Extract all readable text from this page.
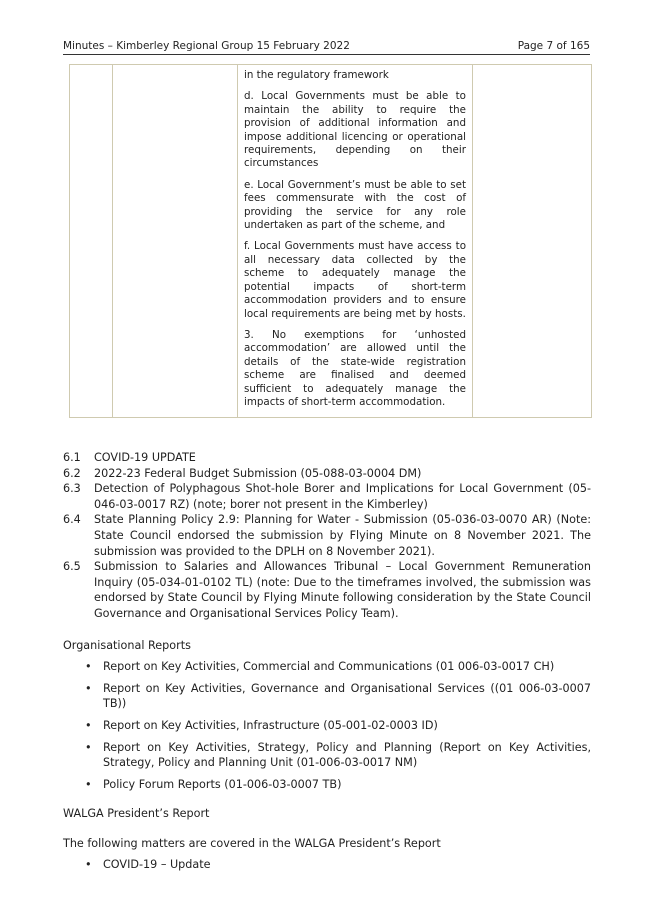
Minutes – Kimberley Regional Group 15 February 2022	Page 7 of 165

in the regulatory framework
d. Local Governments must be able to maintain the ability to require the provision of additional information and impose additional licencing or operational requirements, depending on their circumstances
e. Local Government’s must be able to set fees commensurate with the cost of providing the service for any role undertaken as part of the scheme, and
f. Local Governments must have access to all necessary data collected by the scheme to adequately manage the potential impacts of short-term accommodation providers and to ensure local requirements are being met by hosts.
3. No exemptions for ‘unhosted accommodation’ are allowed until the details of the state-wide registration scheme are finalised and deemed sufficient to adequately manage the impacts of short-term accommodation.

6.1	COVID-19 UPDATE
6.2	2022-23 Federal Budget Submission (05-088-03-0004 DM)
6.3	Detection of Polyphagous Shot-hole Borer and Implications for Local Government (05-046-03-0017 RZ) (note; borer not present in the Kimberley)
6.4	State Planning Policy 2.9: Planning for Water - Submission (05-036-03-0070 AR) (Note: State Council endorsed the submission by Flying Minute on 8 November 2021. The submission was provided to the DPLH on 8 November 2021).
6.5	Submission to Salaries and Allowances Tribunal – Local Government Remuneration Inquiry (05-034-01-0102 TL) (note: Due to the timeframes involved, the submission was endorsed by State Council by Flying Minute following consideration by the State Council Governance and Organisational Services Policy Team).
Organisational Reports
• Report on Key Activities, Commercial and Communications (01 006-03-0017 CH)
• Report on Key Activities, Governance and Organisational Services ((01 006-03-0007 TB))
• Report on Key Activities, Infrastructure (05-001-02-0003 ID)
• Report on Key Activities, Strategy, Policy and Planning (Report on Key Activities, Strategy, Policy and Planning Unit (01-006-03-0017 NM)
• Policy Forum Reports (01-006-03-0007 TB)
WALGA President’s Report
The following matters are covered in the WALGA President’s Report
• COVID-19 – Update
